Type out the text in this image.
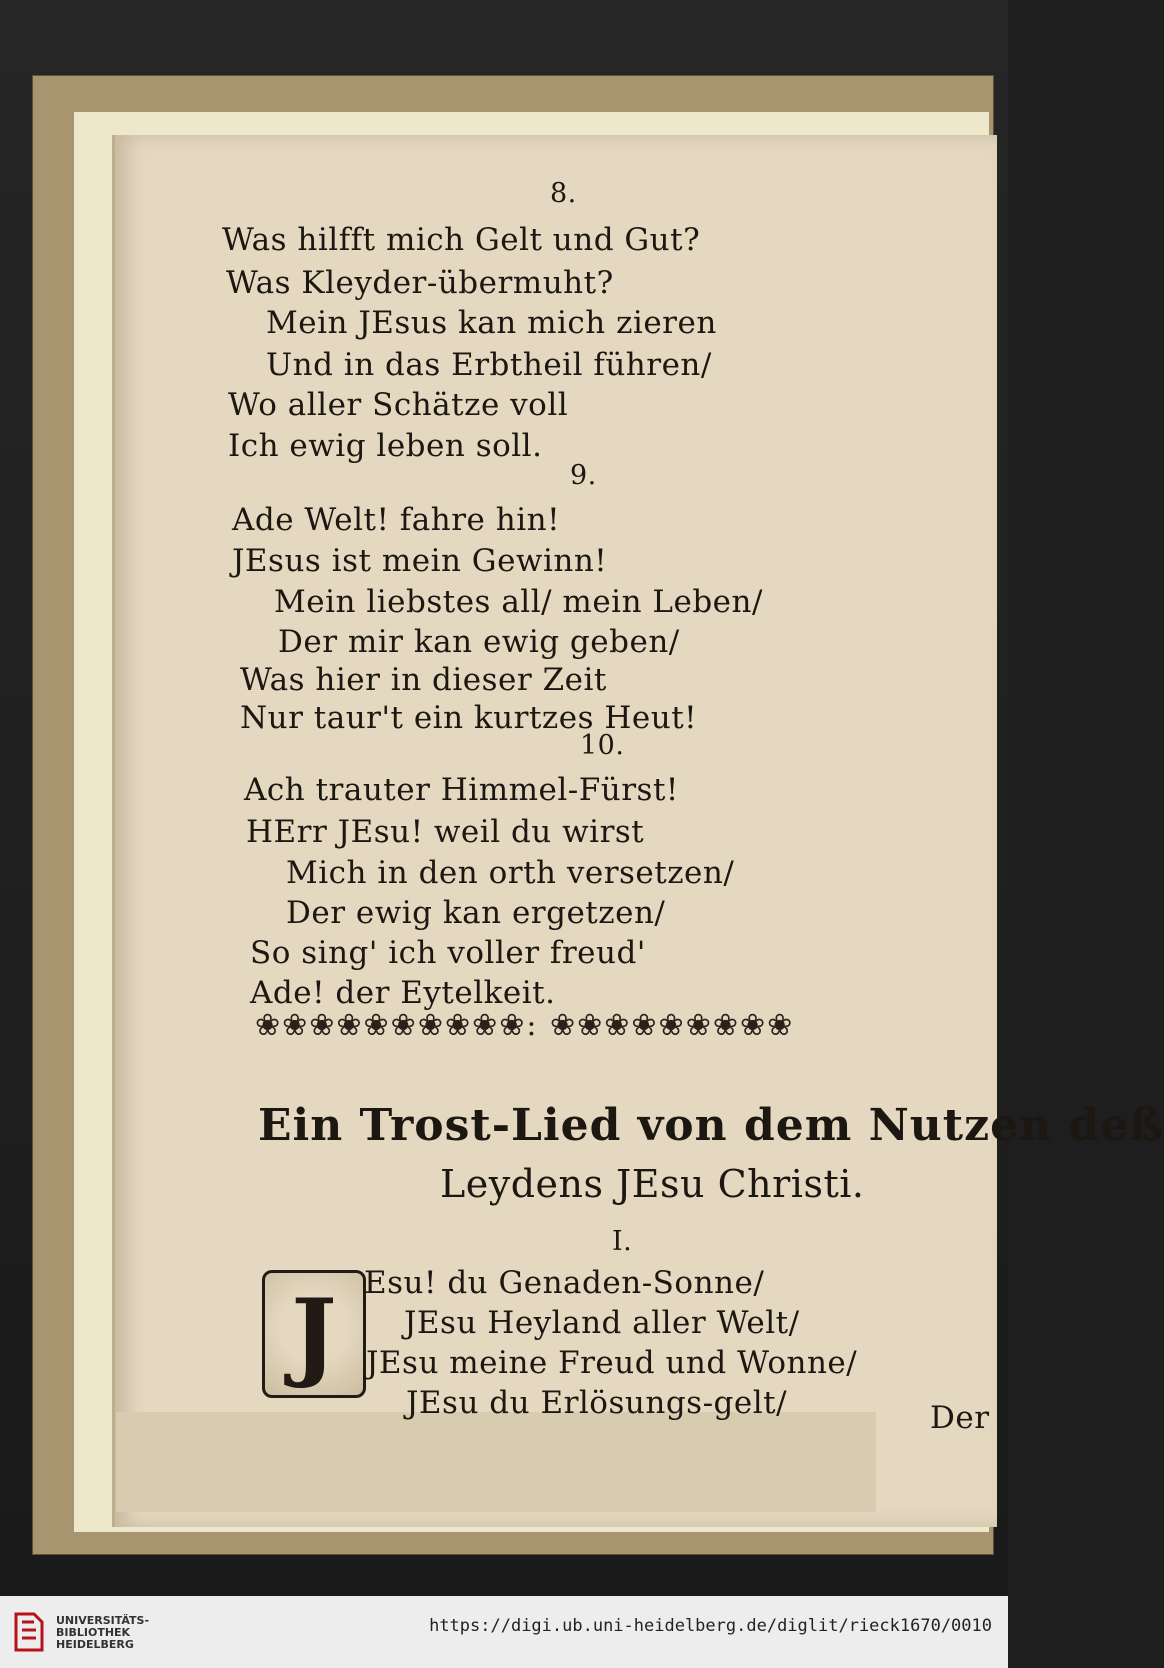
8.
Was hilfft mich Gelt und Gut?
Was Kleyder-übermuht?
Mein JEsus kan mich zieren
Und in das Erbtheil führen/
Wo aller Schätze voll
Ich ewig leben soll.
9.
Ade Welt! fahre hin!
JEsus ist mein Gewinn!
Mein liebstes all/ mein Leben/
Der mir kan ewig geben/
Was hier in dieser Zeit
Nur taur't ein kurtzes Heut!
10.
Ach trauter Himmel-Fürst!
HErr JEsu! weil du wirst
Mich in den orth versetzen/
Der ewig kan ergetzen/
So sing' ich voller freud'
Ade! der Eytelkeit.
❀❀❀❀❀❀❀❀❀❀: ❀❀❀❀❀❀❀❀❀
Ein Trost-Lied von dem Nutzen deß
Leydens JEsu Christi.
I.
J Esu! du Genaden-Sonne/
JEsu Heyland aller Welt/
JEsu meine Freud und Wonne/
JEsu du Erlösungs-gelt/	Der
UNIVERSITÄTS-
BIBLIOTHEK
HEIDELBERG
https://digi.ub.uni-heidelberg.de/diglit/rieck1670/0010
